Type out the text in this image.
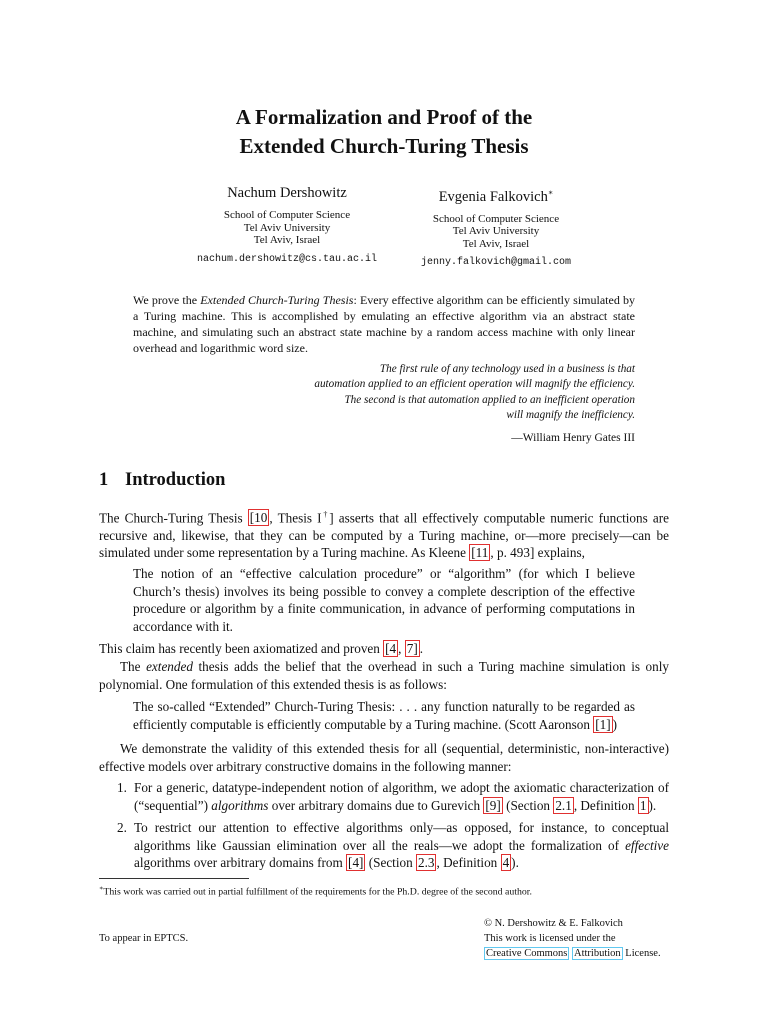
A Formalization and Proof of the
Extended Church-Turing Thesis
Nachum Dershowitz
School of Computer Science
Tel Aviv University
Tel Aviv, Israel
nachum.dershowitz@cs.tau.ac.il
Evgenia Falkovich∗
School of Computer Science
Tel Aviv University
Tel Aviv, Israel
jenny.falkovich@gmail.com
We prove the Extended Church-Turing Thesis: Every effective algorithm can be efficiently simulated by a Turing machine. This is accomplished by emulating an effective algorithm via an abstract state machine, and simulating such an abstract state machine by a random access machine with only linear overhead and logarithmic word size.
The first rule of any technology used in a business is that
automation applied to an efficient operation will magnify the efficiency.
The second is that automation applied to an inefficient operation
will magnify the inefficiency.
—William Henry Gates III
1 Introduction
The Church-Turing Thesis [10 , Thesis I†] asserts that all effectively computable numeric functions are recursive and, likewise, that they can be computed by a Turing machine, or—more precisely—can be simulated under some representation by a Turing machine. As Kleene [11 , p. 493] explains,
The notion of an “effective calculation procedure” or “algorithm” (for which I believe Church’s thesis) involves its being possible to convey a complete description of the effective procedure or algorithm by a finite communication, in advance of performing computations in accordance with it.
This claim has recently been axiomatized and proven [4 , 7] .
The extended thesis adds the belief that the overhead in such a Turing machine simulation is only polynomial. One formulation of this extended thesis is as follows:
The so-called “Extended” Church-Turing Thesis: . . . any function naturally to be regarded as efficiently computable is efficiently computable by a Turing machine. (Scott Aaronson [1] )
We demonstrate the validity of this extended thesis for all (sequential, deterministic, non-interactive) effective models over arbitrary constructive domains in the following manner:
1. For a generic, datatype-independent notion of algorithm, we adopt the axiomatic characterization of (“sequential”) algorithms over arbitrary domains due to Gurevich [9] (Section 2.1 , Definition 1 ).
2. To restrict our attention to effective algorithms only—as opposed, for instance, to conceptual algorithms like Gaussian elimination over all the reals—we adopt the formalization of effective algorithms over arbitrary domains from [4] (Section 2.3 , Definition 4 ).
∗This work was carried out in partial fulfillment of the requirements for the Ph.D. degree of the second author.
To appear in EPTCS.
© N. Dershowitz & E. Falkovich
This work is licensed under the
Creative Commons Attribution License.
